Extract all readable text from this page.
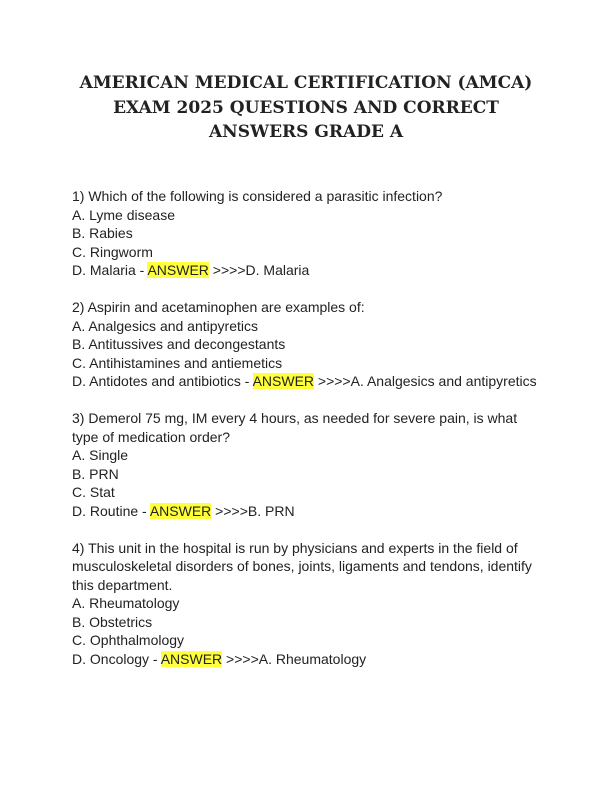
AMERICAN MEDICAL CERTIFICATION (AMCA)
EXAM 2025 QUESTIONS AND CORRECT
ANSWERS GRADE A

1) Which of the following is considered a parasitic infection?

A. Lyme disease

B. Rabies

C. Ringworm

D. Malaria - ANSWER >>>>D. Malaria

2) Aspirin and acetaminophen are examples of:

A. Analgesics and antipyretics

B. Antitussives and decongestants

C. Antihistamines and antiemetics

D. Antidotes and antibiotics - ANSWER >>>>A. Analgesics and antipyretics

3) Demerol 75 mg, IM every 4 hours, as needed for severe pain, is what type of medication order?

A. Single

B. PRN

C. Stat

D. Routine - ANSWER >>>>B. PRN

4) This unit in the hospital is run by physicians and experts in the field of musculoskeletal disorders of bones, joints, ligaments and tendons, identify this department.

A. Rheumatology

B. Obstetrics

C. Ophthalmology

D. Oncology - ANSWER >>>>A. Rheumatology
